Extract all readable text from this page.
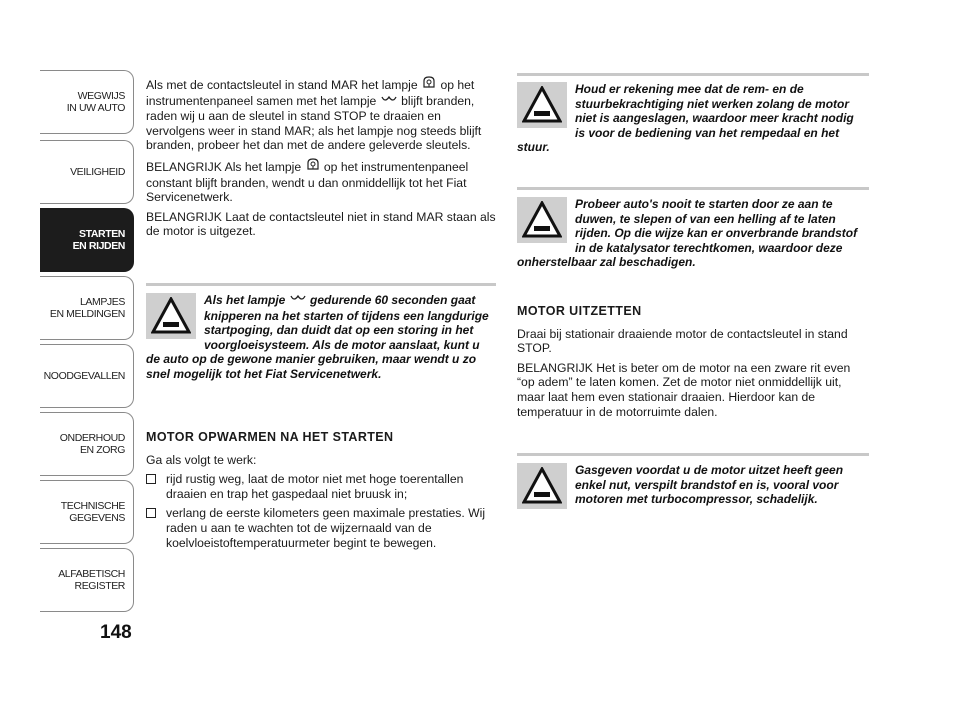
WEGWIJS
IN UW AUTO
VEILIGHEID
STARTEN
EN RIJDEN
LAMPJES
EN MELDINGEN
NOODGEVALLEN
ONDERHOUD
EN ZORG
TECHNISCHE
GEGEVENS
ALFABETISCH
REGISTER
148

Als met de contactsleutel in stand MAR het lampje op het instrumentenpaneel samen met het lampje blijft branden, raden wij u aan de sleutel in stand STOP te draaien en vervolgens weer in stand MAR; als het lampje nog steeds blijft branden, probeer het dan met de andere geleverde sleutels.

BELANGRIJK Als het lampje op het instrumentenpaneel constant blijft branden, wendt u dan onmiddellijk tot het Fiat Servicenetwerk.

BELANGRIJK Laat de contactsleutel niet in stand MAR staan als de motor is uitgezet.

Als het lampje gedurende 60 seconden gaat knipperen na het starten of tijdens een langdurige startpoging, dan duidt dat op een storing in het voorgloeisysteem. Als de motor aanslaat, kunt u de auto op de gewone manier gebruiken, maar wendt u zo snel mogelijk tot het Fiat Servicenetwerk.
MOTOR OPWARMEN NA HET STARTEN

Ga als volgt te werk:

rijd rustig weg, laat de motor niet met hoge toerentallen draaien en trap het gaspedaal niet bruusk in;
verlang de eerste kilometers geen maximale prestaties. Wij raden u aan te wachten tot de wijzernaald van de koelvloeistoftemperatuurmeter begint te bewegen.
Houd er rekening mee dat de rem- en de stuurbekrachtiging niet werken zolang de motor niet is aangeslagen, waardoor meer kracht nodig is voor de bediening van het rempedaal en het stuur.
Probeer auto's nooit te starten door ze aan te duwen, te slepen of van een helling af te laten rijden. Op die wijze kan er onverbrande brandstof in de katalysator terechtkomen, waardoor deze onherstelbaar zal beschadigen.
MOTOR UITZETTEN

Draai bij stationair draaiende motor de contactsleutel in stand STOP.

BELANGRIJK Het is beter om de motor na een zware rit even “op adem” te laten komen. Zet de motor niet onmiddellijk uit, maar laat hem even stationair draaien. Hierdoor kan de temperatuur in de motorruimte dalen.

Gasgeven voordat u de motor uitzet heeft geen enkel nut, verspilt brandstof en is, vooral voor motoren met turbocompressor, schadelijk.
